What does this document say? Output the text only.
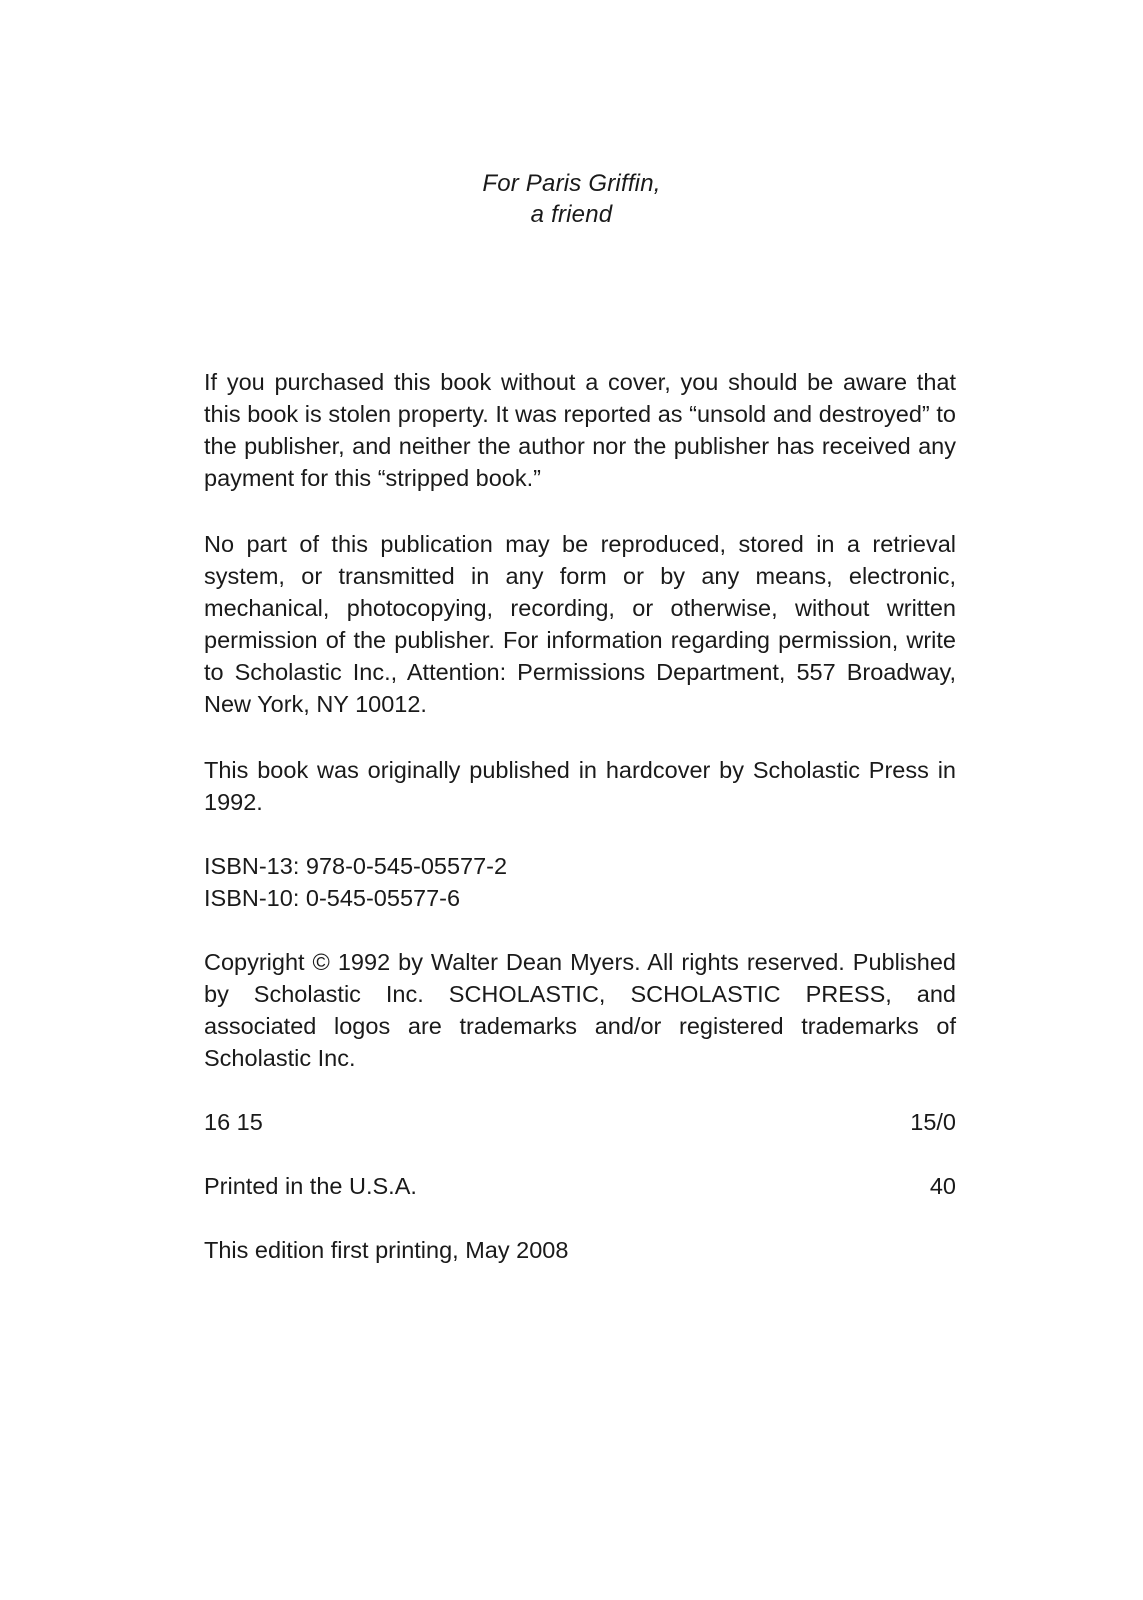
For Paris Griffin,
a friend

If you purchased this book without a cover, you should be aware that this book is stolen property. It was reported as “unsold and destroyed” to the publisher, and neither the author nor the publisher has received any payment for this “stripped book.”

No part of this publication may be reproduced, stored in a retrieval system, or transmitted in any form or by any means, electronic, mechanical, photocopying, recording, or otherwise, without written permission of the publisher. For information regarding permission, write to Scholastic Inc., Attention: Permissions Department, 557 Broadway, New York, NY 10012.

This book was originally published in hardcover by Scholastic Press in 1992.

ISBN-13: 978-0-545-05577-2

ISBN-10: 0-545-05577-6

Copyright © 1992 by Walter Dean Myers. All rights reserved. Published by Scholastic Inc. SCHOLASTIC, SCHOLASTIC PRESS, and associated logos are trademarks and/or registered trademarks of Scholastic Inc.

16 15	15/0
Printed in the U.S.A.	40

This edition first printing, May 2008
